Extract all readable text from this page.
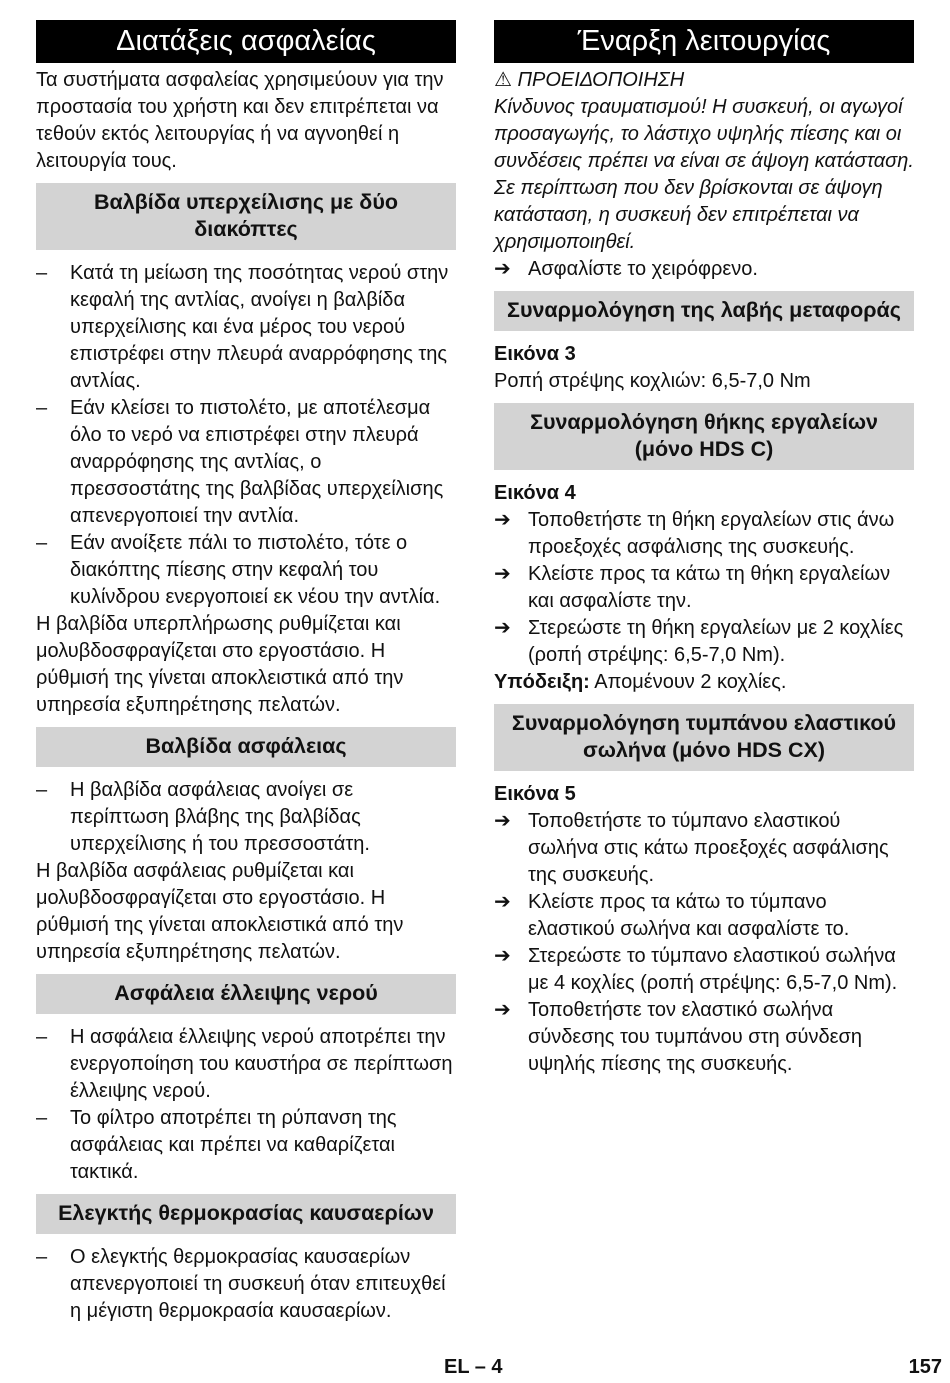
Διατάξεις ασφαλείας

Τα συστήματα ασφαλείας χρησιμεύουν για την προστασία του χρήστη και δεν επιτρέπεται να τεθούν εκτός λειτουργίας ή να αγνοηθεί η λειτουργία τους.

Βαλβίδα υπερχείλισης με δύο διακόπτες
–	Κατά τη μείωση της ποσότητας νερού στην κεφαλή της αντλίας, ανοίγει η βαλβίδα υπερχείλισης και ένα μέρος του νερού επιστρέφει στην πλευρά αναρρόφησης της αντλίας.
–	Εάν κλείσει το πιστολέτο, με αποτέλεσμα όλο το νερό να επιστρέφει στην πλευρά αναρρόφησης της αντλίας, ο πρεσσοστάτης της βαλβίδας υπερχείλισης απενεργοποιεί την αντλία.
–	Εάν ανοίξετε πάλι το πιστολέτο, τότε ο διακόπτης πίεσης στην κεφαλή του κυλίνδρου ενεργοποιεί εκ νέου την αντλία.

Η βαλβίδα υπερπλήρωσης ρυθμίζεται και μολυβδοσφραγίζεται στο εργοστάσιο. Η ρύθμισή της γίνεται αποκλειστικά από την υπηρεσία εξυπηρέτησης πελατών.

Βαλβίδα ασφάλειας
–	Η βαλβίδα ασφάλειας ανοίγει σε περίπτωση βλάβης της βαλβίδας υπερχείλισης ή του πρεσσοστάτη.

Η βαλβίδα ασφάλειας ρυθμίζεται και μολυβδοσφραγίζεται στο εργοστάσιο. Η ρύθμισή της γίνεται αποκλειστικά από την υπηρεσία εξυπηρέτησης πελατών.

Ασφάλεια έλλειψης νερού
–	Η ασφάλεια έλλειψης νερού αποτρέπει την ενεργοποίηση του καυστήρα σε περίπτωση έλλειψης νερού.
–	Το φίλτρο αποτρέπει τη ρύπανση της ασφάλειας και πρέπει να καθαρίζεται τακτικά.
Ελεγκτής θερμοκρασίας καυσαερίων
–	Ο ελεγκτής θερμοκρασίας καυσαερίων απενεργοποιεί τη συσκευή όταν επιτευχθεί η μέγιστη θερμοκρασία καυσαερίων.
Έναρξη λειτουργίας
⚠ ΠΡΟΕΙΔΟΠΟΙΗΣΗ
Κίνδυνος τραυματισμού! Η συσκευή, οι αγωγοί προσαγωγής, το λάστιχο υψηλής πίεσης και οι συνδέσεις πρέπει να είναι σε άψογη κατάσταση. Σε περίπτωση που δεν βρίσκονται σε άψογη κατάσταση, η συσκευή δεν επιτρέπεται να χρησιμοποιηθεί.
➔ Ασφαλίστε το χειρόφρενο.
Συναρμολόγηση της λαβής μεταφοράς
Εικόνα 3

Ροπή στρέψης κοχλιών: 6,5-7,0 Nm

Συναρμολόγηση θήκης εργαλείων (μόνο HDS C)
Εικόνα 4
➔ Τοποθετήστε τη θήκη εργαλείων στις άνω προεξοχές ασφάλισης της συσκευής.
➔ Κλείστε προς τα κάτω τη θήκη εργαλείων και ασφαλίστε την.
➔ Στερεώστε τη θήκη εργαλείων με 2 κοχλίες (ροπή στρέψης: 6,5-7,0 Nm).

Υπόδειξη: Απομένουν 2 κοχλίες.

Συναρμολόγηση τυμπάνου ελαστικού σωλήνα (μόνο HDS CX)
Εικόνα 5
➔ Τοποθετήστε το τύμπανο ελαστικού σωλήνα στις κάτω προεξοχές ασφάλισης της συσκευής.
➔ Κλείστε προς τα κάτω το τύμπανο ελαστικού σωλήνα και ασφαλίστε το.
➔ Στερεώστε το τύμπανο ελαστικού σωλήνα με 4 κοχλίες (ροπή στρέψης: 6,5-7,0 Nm).
➔ Τοποθετήστε τον ελαστικό σωλήνα σύνδεσης του τυμπάνου στη σύνδεση υψηλής πίεσης της συσκευής.
EL – 4	157
